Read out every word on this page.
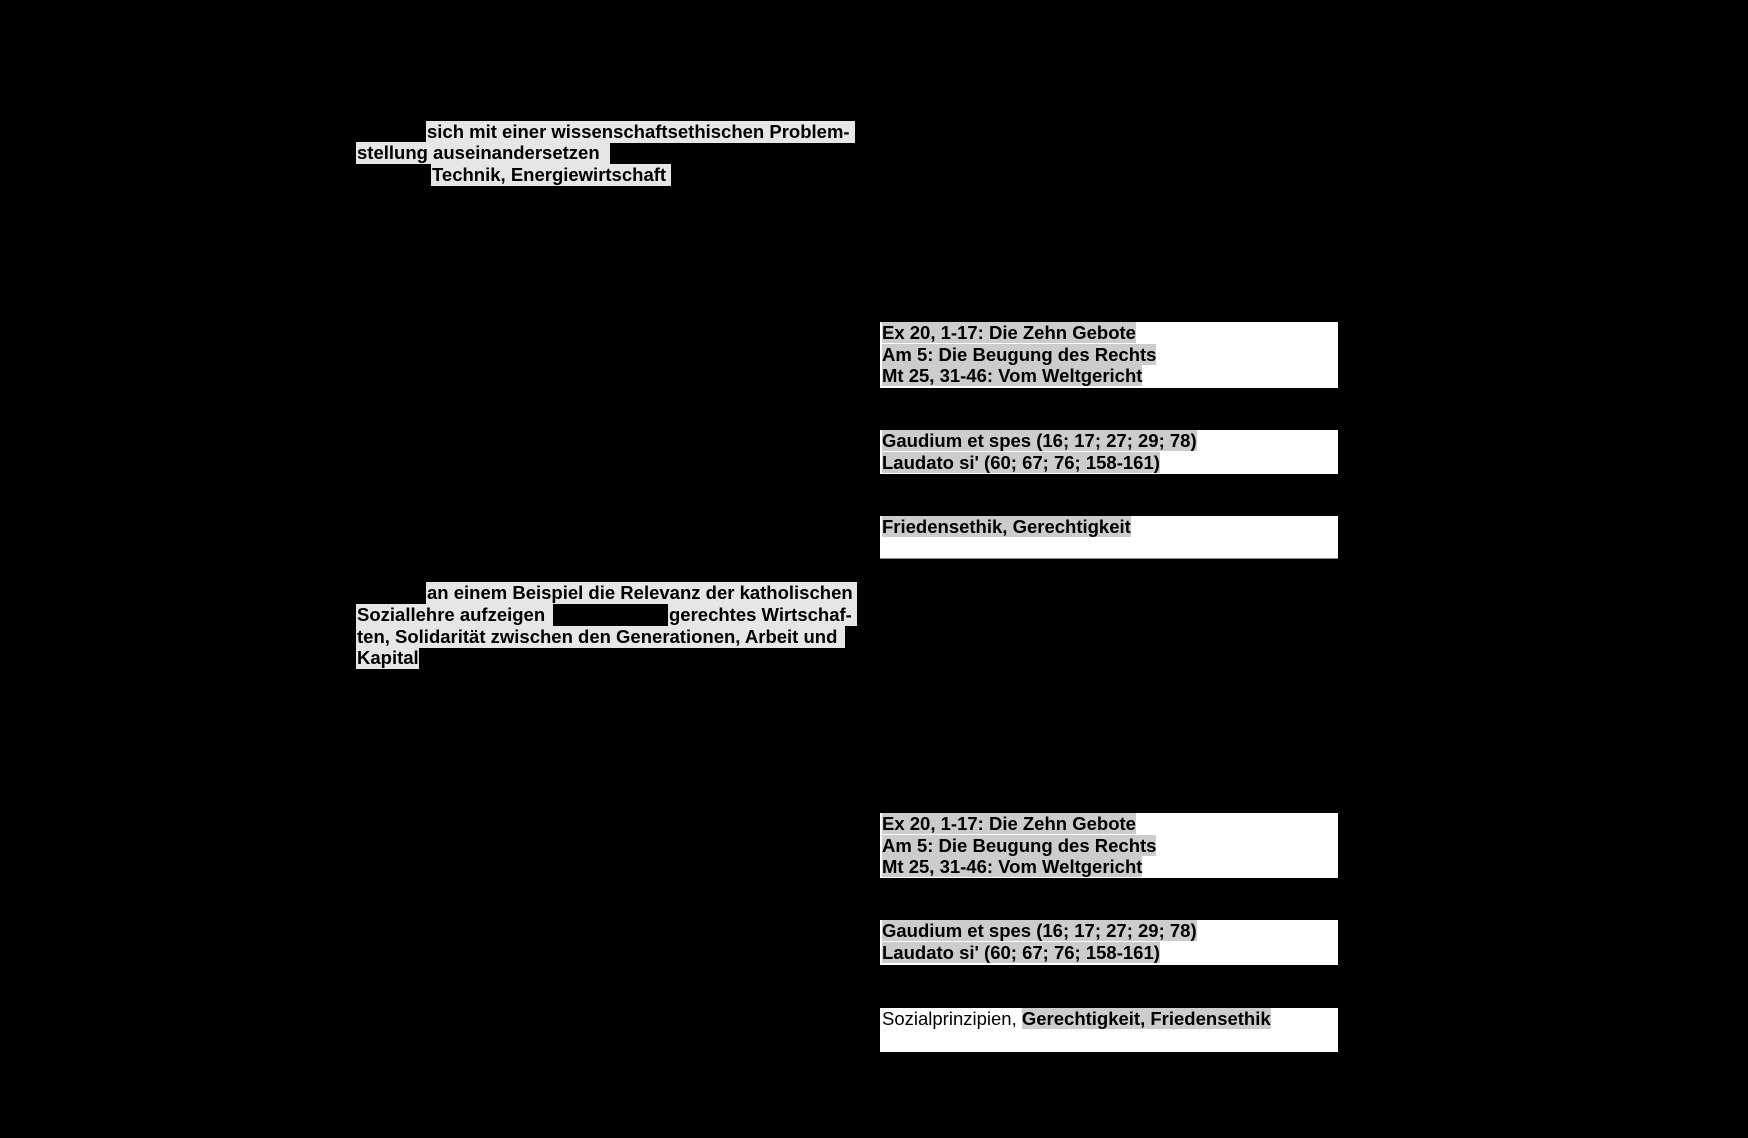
sich mit einer wissenschaftsethischen Problem-
stellung auseinandersetzen
Technik, Energiewirtschaft
Ex 20, 1-17: Die Zehn Gebote
Am 5: Die Beugung des Rechts
Mt 25, 31-46: Vom Weltgericht
Gaudium et spes (16; 17; 27; 29; 78)
Laudato si' (60; 67; 76; 158-161)
Friedensethik, Gerechtigkeit
an einem Beispiel die Relevanz der katholischen
Soziallehre aufzeigen	gerechtes Wirtschaf-
ten, Solidarität zwischen den Generationen, Arbeit und
Kapital
Ex 20, 1-17: Die Zehn Gebote
Am 5: Die Beugung des Rechts
Mt 25, 31-46: Vom Weltgericht
Gaudium et spes (16; 17; 27; 29; 78)
Laudato si' (60; 67; 76; 158-161)
Sozialprinzipien, Gerechtigkeit, Friedensethik
